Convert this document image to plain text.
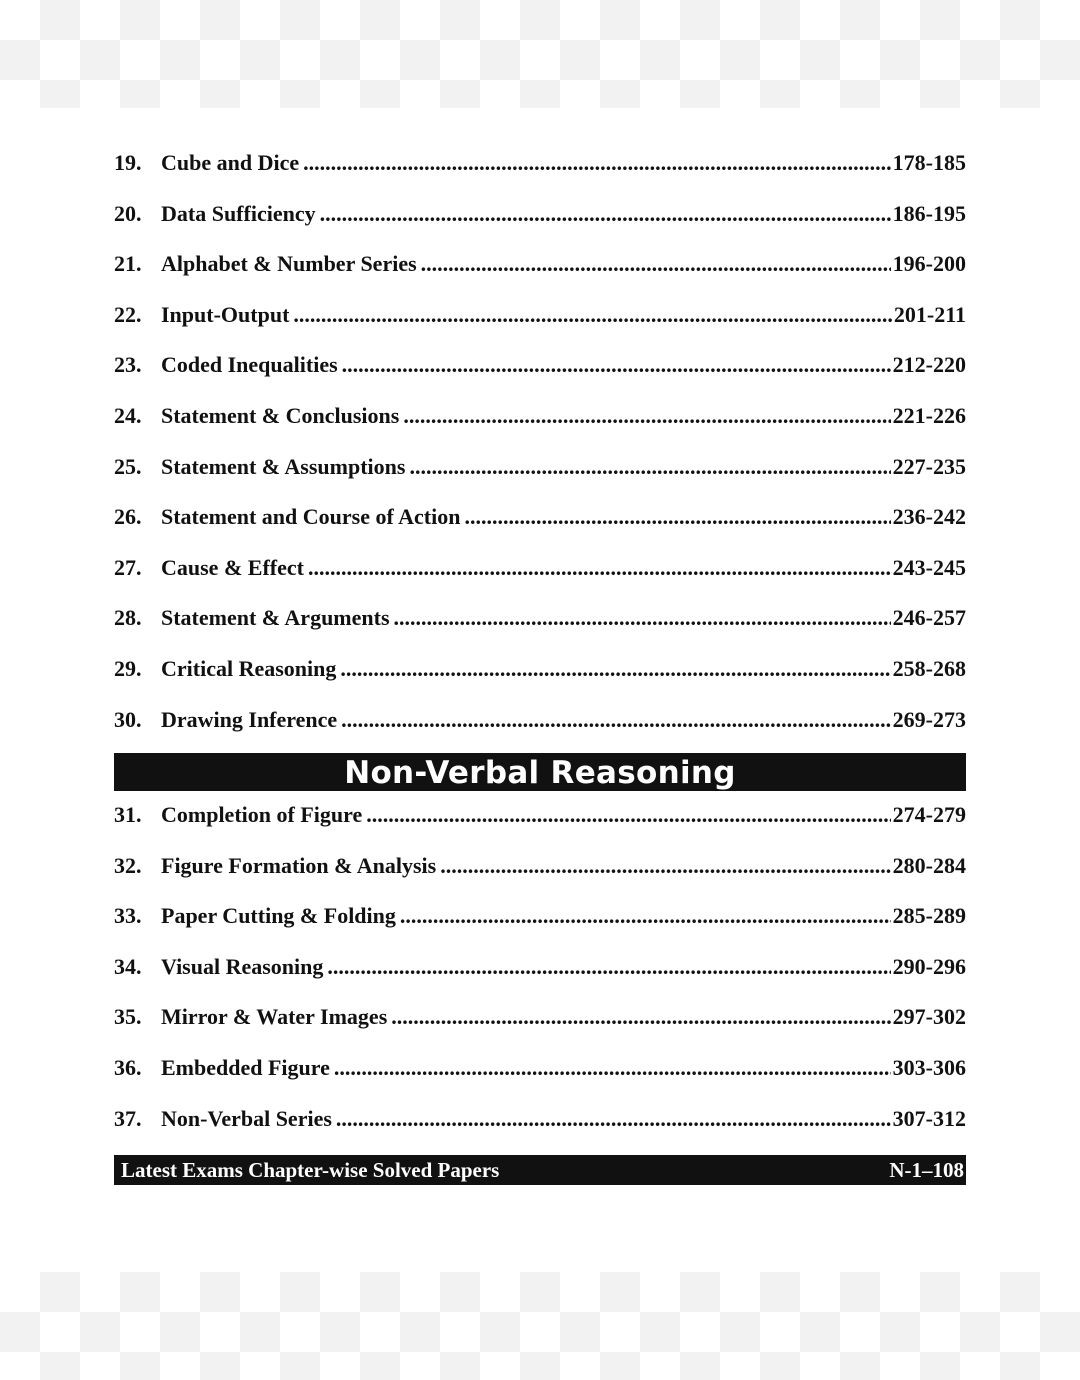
19. Cube and Dice .....	178-185
20. Data Sufficiency .....	186-195
21. Alphabet & Number Series .....	196-200
22. Input-Output .....	201-211
23. Coded Inequalities .....	212-220
24. Statement & Conclusions .....	221-226
25. Statement & Assumptions .....	227-235
26. Statement and Course of Action .....	236-242
27. Cause & Effect .....	243-245
28. Statement & Arguments .....	246-257
29. Critical Reasoning .....	258-268
30. Drawing Inference .....	269-273
Non-Verbal Reasoning
31. Completion of Figure .....	274-279
32. Figure Formation & Analysis .....	280-284
33. Paper Cutting & Folding .....	285-289
34. Visual Reasoning .....	290-296
35. Mirror & Water Images .....	297-302
36. Embedded Figure .....	303-306
37. Non-Verbal Series .....	307-312
Latest Exams Chapter-wise Solved Papers	N-1–108
